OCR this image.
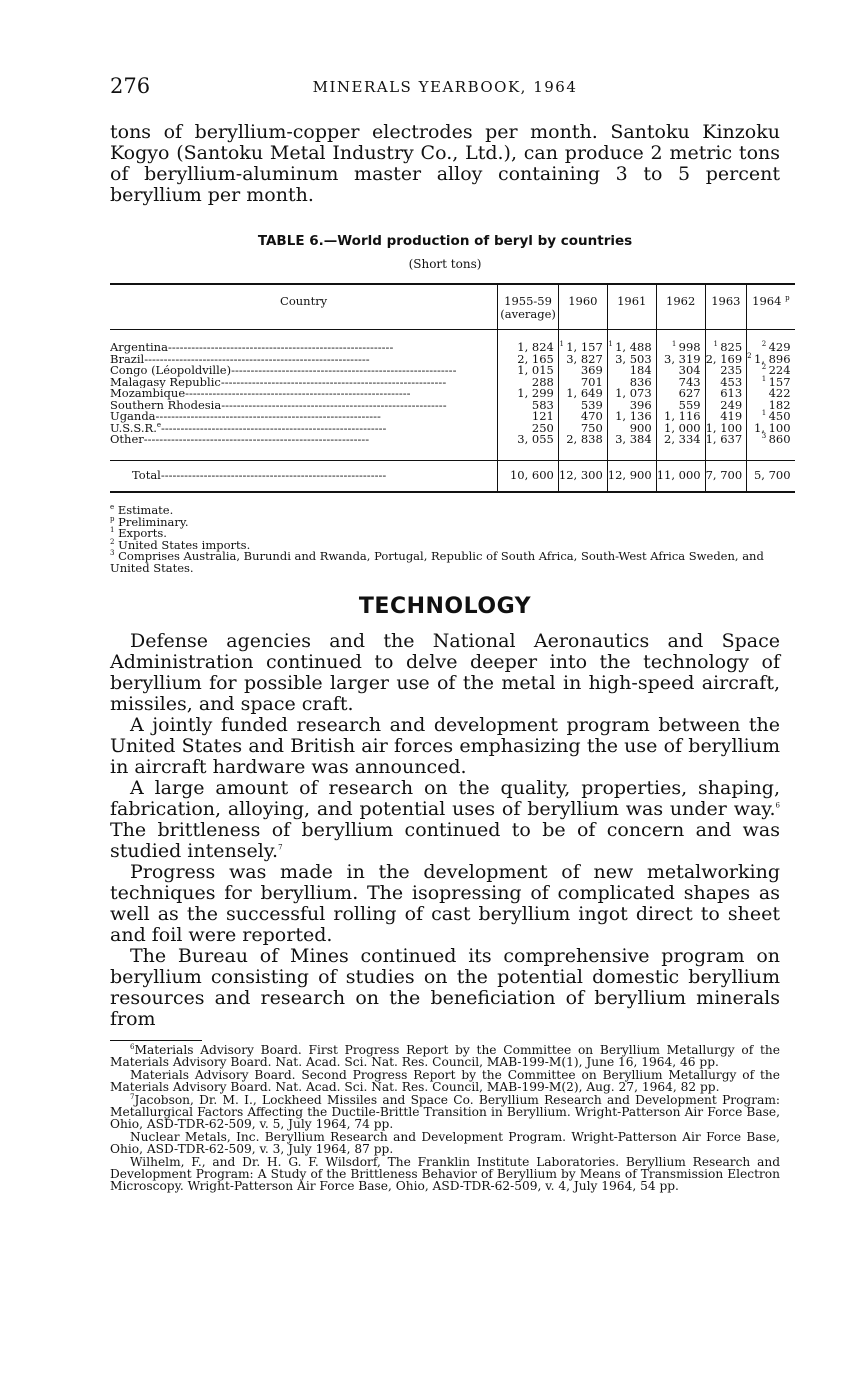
276	MINERALS YEARBOOK, 1964

tons of beryllium-copper electrodes per month. Santoku Kinzoku Kogyo (Santoku Metal Industry Co., Ltd.), can produce 2 metric tons of beryllium-aluminum master alloy containing 3 to 5 percent beryllium per month.

TABLE 6.—World production of beryl by countries
(Short tons)
Country	1955-59 (average)	1960	1961	1962	1963	1964 $^p$
Argentina----------------------------------------------------------	1, 824	$^1$  1, 157	$^1$  1, 488	$^1$  998	$^1$  825	$^2$  429
Brazil----------------------------------------------------------	2, 165	3, 827	3, 503	3, 319	2, 169	$^2$  1, 896
Congo (Léopoldville)----------------------------------------------------------	1, 015	369	184	304	235	$^2$  224
Malagasy Republic----------------------------------------------------------	288	701	836	743	453	$^1$  157
Mozambique----------------------------------------------------------	1, 299	1, 649	1, 073	627	613	422
Southern Rhodesia----------------------------------------------------------	583	539	396	559	249	182
Uganda----------------------------------------------------------	121	470	1, 136	1, 116	419	$^1$  450
U.S.S.R.$^e$----------------------------------------------------------	250	750	900	1, 000	1, 100	1, 100
Other----------------------------------------------------------	3, 055	2, 838	3, 384	2, 334	1, 637	$^3$  860
Total----------------------------------------------------------	10, 600	12, 300	12, 900	11, 000	7, 700	5, 700
$^e$ Estimate.
$^p$ Preliminary.
$^1$ Exports.
$^2$ United States imports.
$^3$ Comprises Australia, Burundi and Rwanda, Portugal, Republic of South Africa, South-West Africa Sweden, and United States.
TECHNOLOGY

Defense agencies and the National Aeronautics and Space Administration continued to delve deeper into the technology of beryllium for possible larger use of the metal in high-speed aircraft, missiles, and space craft.

A jointly funded research and development program between the United States and British air forces emphasizing the use of beryllium in aircraft hardware was announced.

A large amount of research on the quality, properties, shaping, fabrication, alloying, and potential uses of beryllium was under way.$^6$ The brittleness of beryllium continued to be of concern and was studied intensely.$^7$

Progress was made in the development of new metalworking techniques for beryllium. The isopressing of complicated shapes as well as the successful rolling of cast beryllium ingot direct to sheet and foil were reported.

The Bureau of Mines continued its comprehensive program on beryllium consisting of studies on the potential domestic beryllium resources and research on the beneficiation of beryllium minerals from

$^6$Materials Advisory Board. First Progress Report by the Committee on Beryllium Metallurgy of the Materials Advisory Board. Nat. Acad. Sci. Nat. Res. Council, MAB-199-M(1), June 16, 1964, 46 pp.
Materials Advisory Board. Second Progress Report by the Committee on Beryllium Metallurgy of the Materials Advisory Board. Nat. Acad. Sci. Nat. Res. Council, MAB-199-M(2), Aug. 27, 1964, 82 pp.
$^7$Jacobson, Dr. M. I., Lockheed Missiles and Space Co. Beryllium Research and Development Program: Metallurgical Factors Affecting the Ductile-Brittle Transition in Beryllium. Wright-Patterson Air Force Base, Ohio, ASD-TDR-62-509, v. 5, July 1964, 74 pp.
Nuclear Metals, Inc. Beryllium Research and Development Program. Wright-Patterson Air Force Base, Ohio, ASD-TDR-62-509, v. 3, July 1964, 87 pp.
Wilhelm, F., and Dr. H. G. F. Wilsdorf, The Franklin Institute Laboratories. Beryllium Research and Development Program: A Study of the Brittleness Behavior of Beryllium by Means of Transmission Electron Microscopy. Wright-Patterson Air Force Base, Ohio, ASD-TDR-62-509, v. 4, July 1964, 54 pp.
